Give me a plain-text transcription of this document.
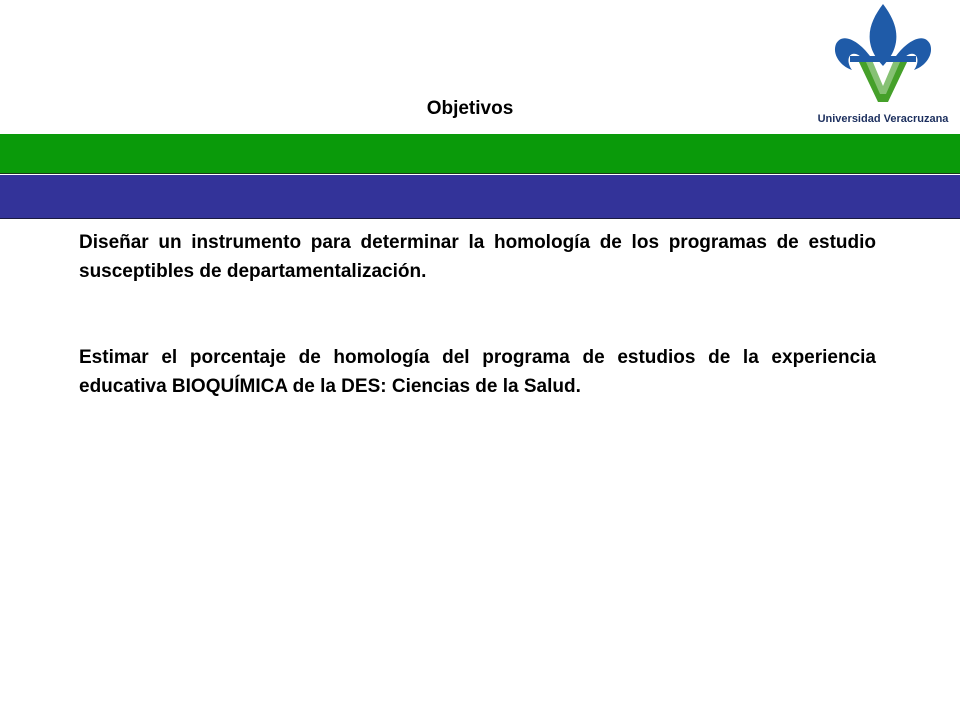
Objetivos	Universidad Veracruzana

Diseñar un instrumento para determinar la homología de los programas de estudio susceptibles de departamentalización.

Estimar el porcentaje de homología del programa de estudios de la experiencia educativa BIOQUÍMICA de la DES: Ciencias de la Salud.
